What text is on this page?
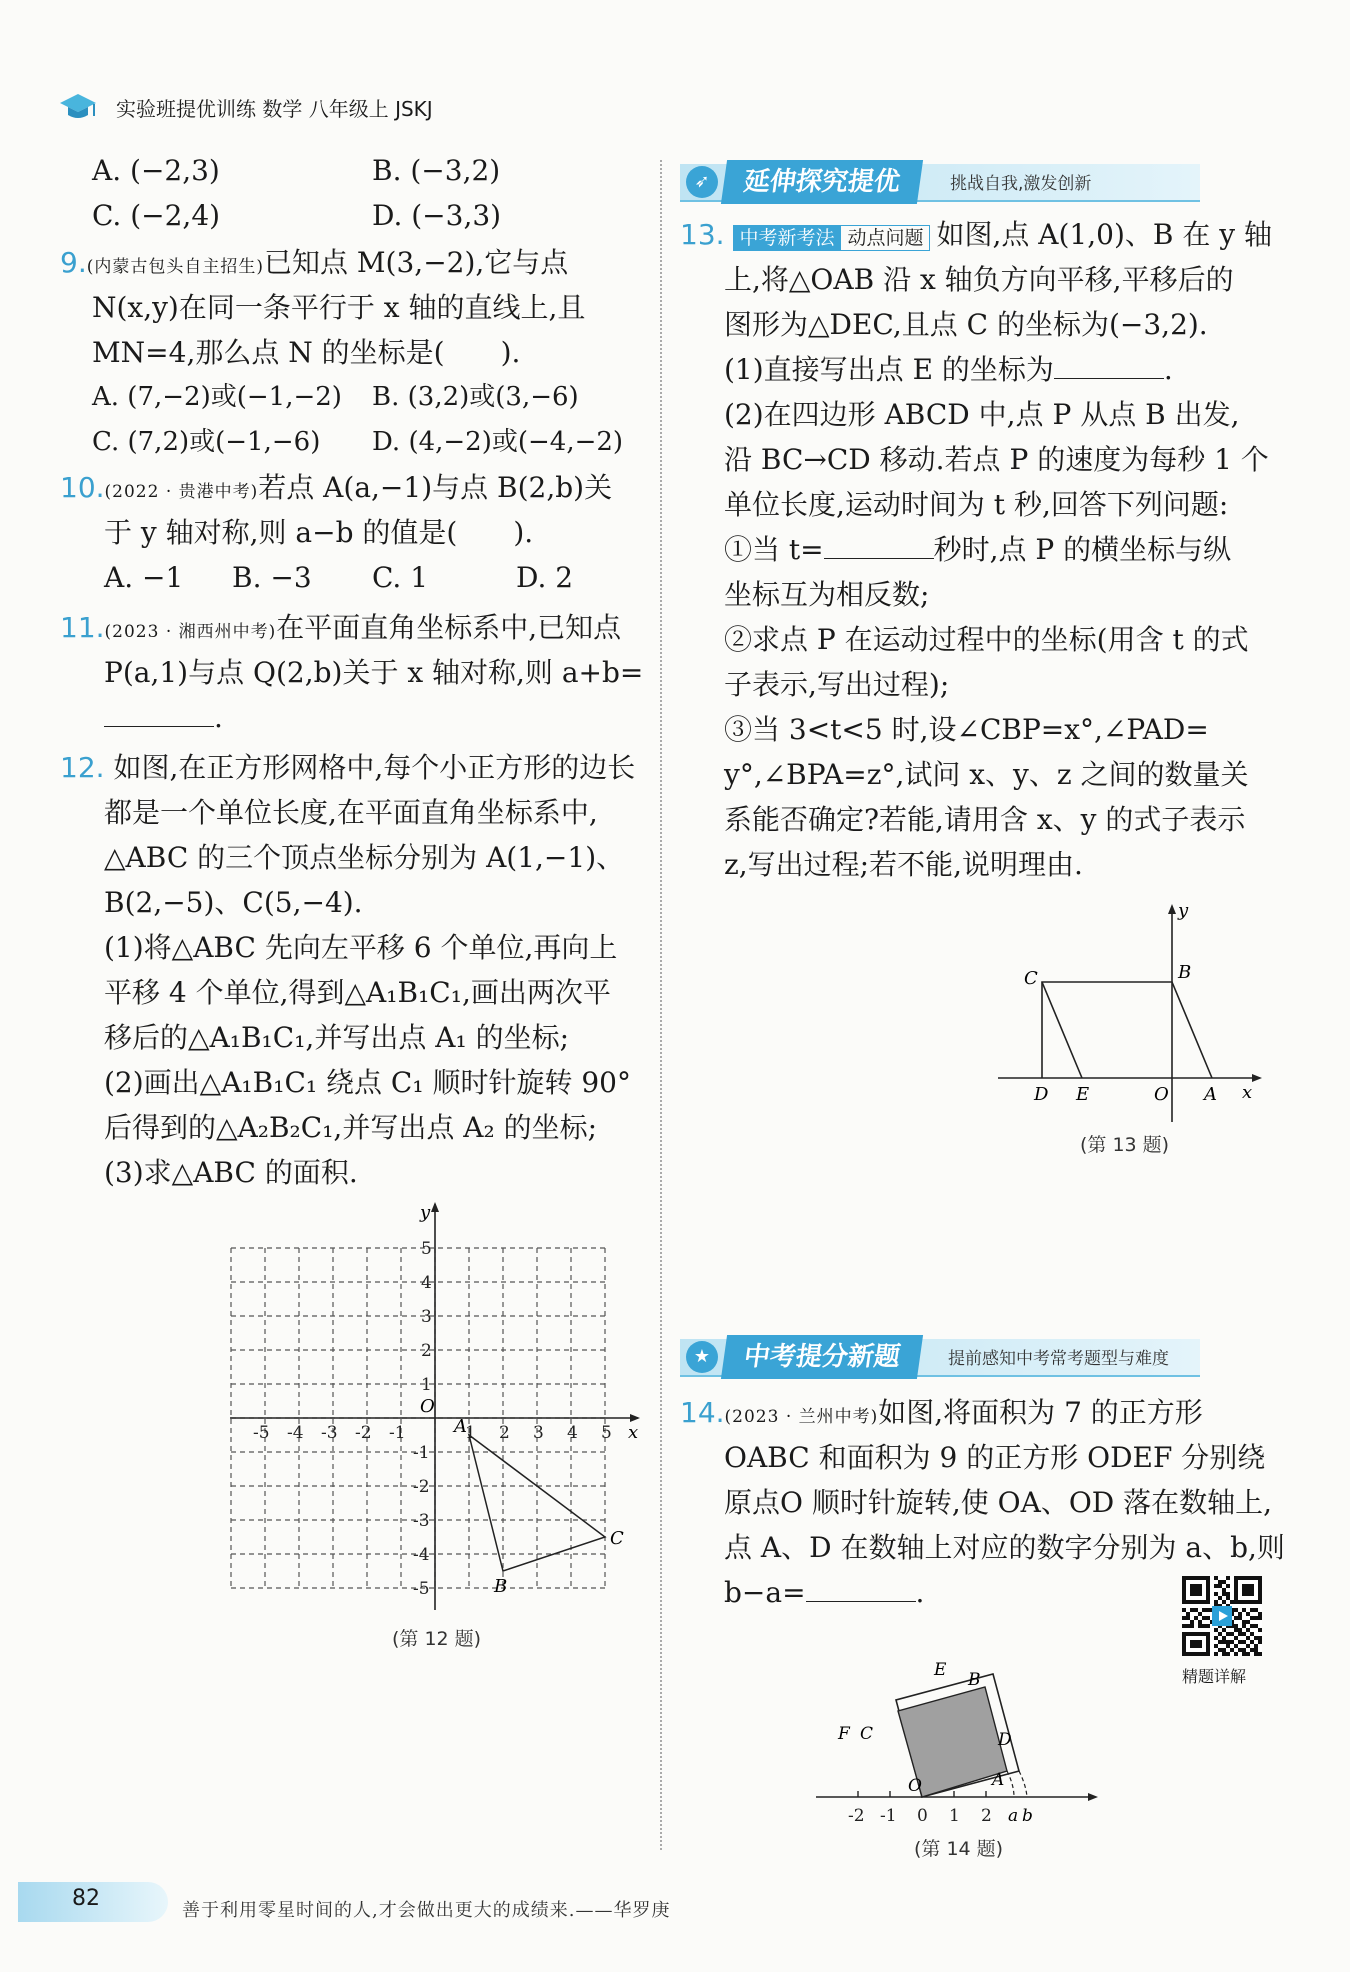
实验班提优训练 数学 八年级上 JSKJ
A. (−2,3)	B. (−3,2)
C. (−2,4)	D. (−3,3)
9.(内蒙古包头自主招生)已知点 M(3,−2),它与点
N(x,y)在同一条平行于 x 轴的直线上,且
MN=4,那么点 N 的坐标是(　　).
A. (7,−2)或(−1,−2) B. (3,2)或(3,−6)
C. (7,2)或(−1,−6) D. (4,−2)或(−4,−2)
10.(2022 · 贵港中考)若点 A(a,−1)与点 B(2,b)关
于 y 轴对称,则 a−b 的值是(　　).
A. −1 B. −3 C. 1	D. 2
11.(2023 · 湘西州中考)在平面直角坐标系中,已知点
P(a,1)与点 Q(2,b)关于 x 轴对称,则 a+b=
.
12. 如图,在正方形网格中,每个小正方形的边长
都是一个单位长度,在平面直角坐标系中,
△ABC 的三个顶点坐标分别为 A(1,−1)、
B(2,−5)、C(5,−4).
(1)将△ABC 先向左平移 6 个单位,再向上
平移 4 个单位,得到△A₁B₁C₁,画出两次平
移后的△A₁B₁C₁,并写出点 A₁ 的坐标;
(2)画出△A₁B₁C₁ 绕点 C₁ 顺时针旋转 90°
后得到的△A₂B₂C₁,并写出点 A₂ 的坐标;
(3)求△ABC 的面积.
-5 -4 -3 -2 -1	1 2 3 4 5
5
4
3
2
1
-1
-2
-3
-4
-5
O
x
y
A
B
C
(第 12 题)
➶	延伸探究提优	挑战自我,激发创新
13. 中考新考法 动点问题 如图,点 A(1,0)、B 在 y 轴
上,将△OAB 沿 x 轴负方向平移,平移后的
图形为△DEC,且点 C 的坐标为(−3,2).
(1)直接写出点 E 的坐标为	.
(2)在四边形 ABCD 中,点 P 从点 B 出发,
沿 BC→CD 移动.若点 P 的速度为每秒 1 个
单位长度,运动时间为 t 秒,回答下列问题:
①当 t=	秒时,点 P 的横坐标与纵
坐标互为相反数;
②求点 P 在运动过程中的坐标(用含 t 的式
子表示,写出过程);
③当 3<t<5 时,设∠CBP=x°,∠PAD=
y°,∠BPA=z°,试问 x、y、z 之间的数量关
系能否确定?若能,请用含 x、y 的式子表示
z,写出过程;若不能,说明理由.
C	B
D E	O A x
y
(第 13 题)
★	中考提分新题	提前感知中考常考题型与难度
14.(2023 · 兰州中考)如图,将面积为 7 的正方形
OABC 和面积为 9 的正方形 ODEF 分别绕
原点O 顺时针旋转,使 OA、OD 落在数轴上,
点 A、D 在数轴上对应的数字分别为 a、b,则
b−a=	.
精题详解
E B
F C	D
O	A
-2 -1 0 1 2 a b
(第 14 题)
82	善于利用零星时间的人,才会做出更大的成绩来.——华罗庚
